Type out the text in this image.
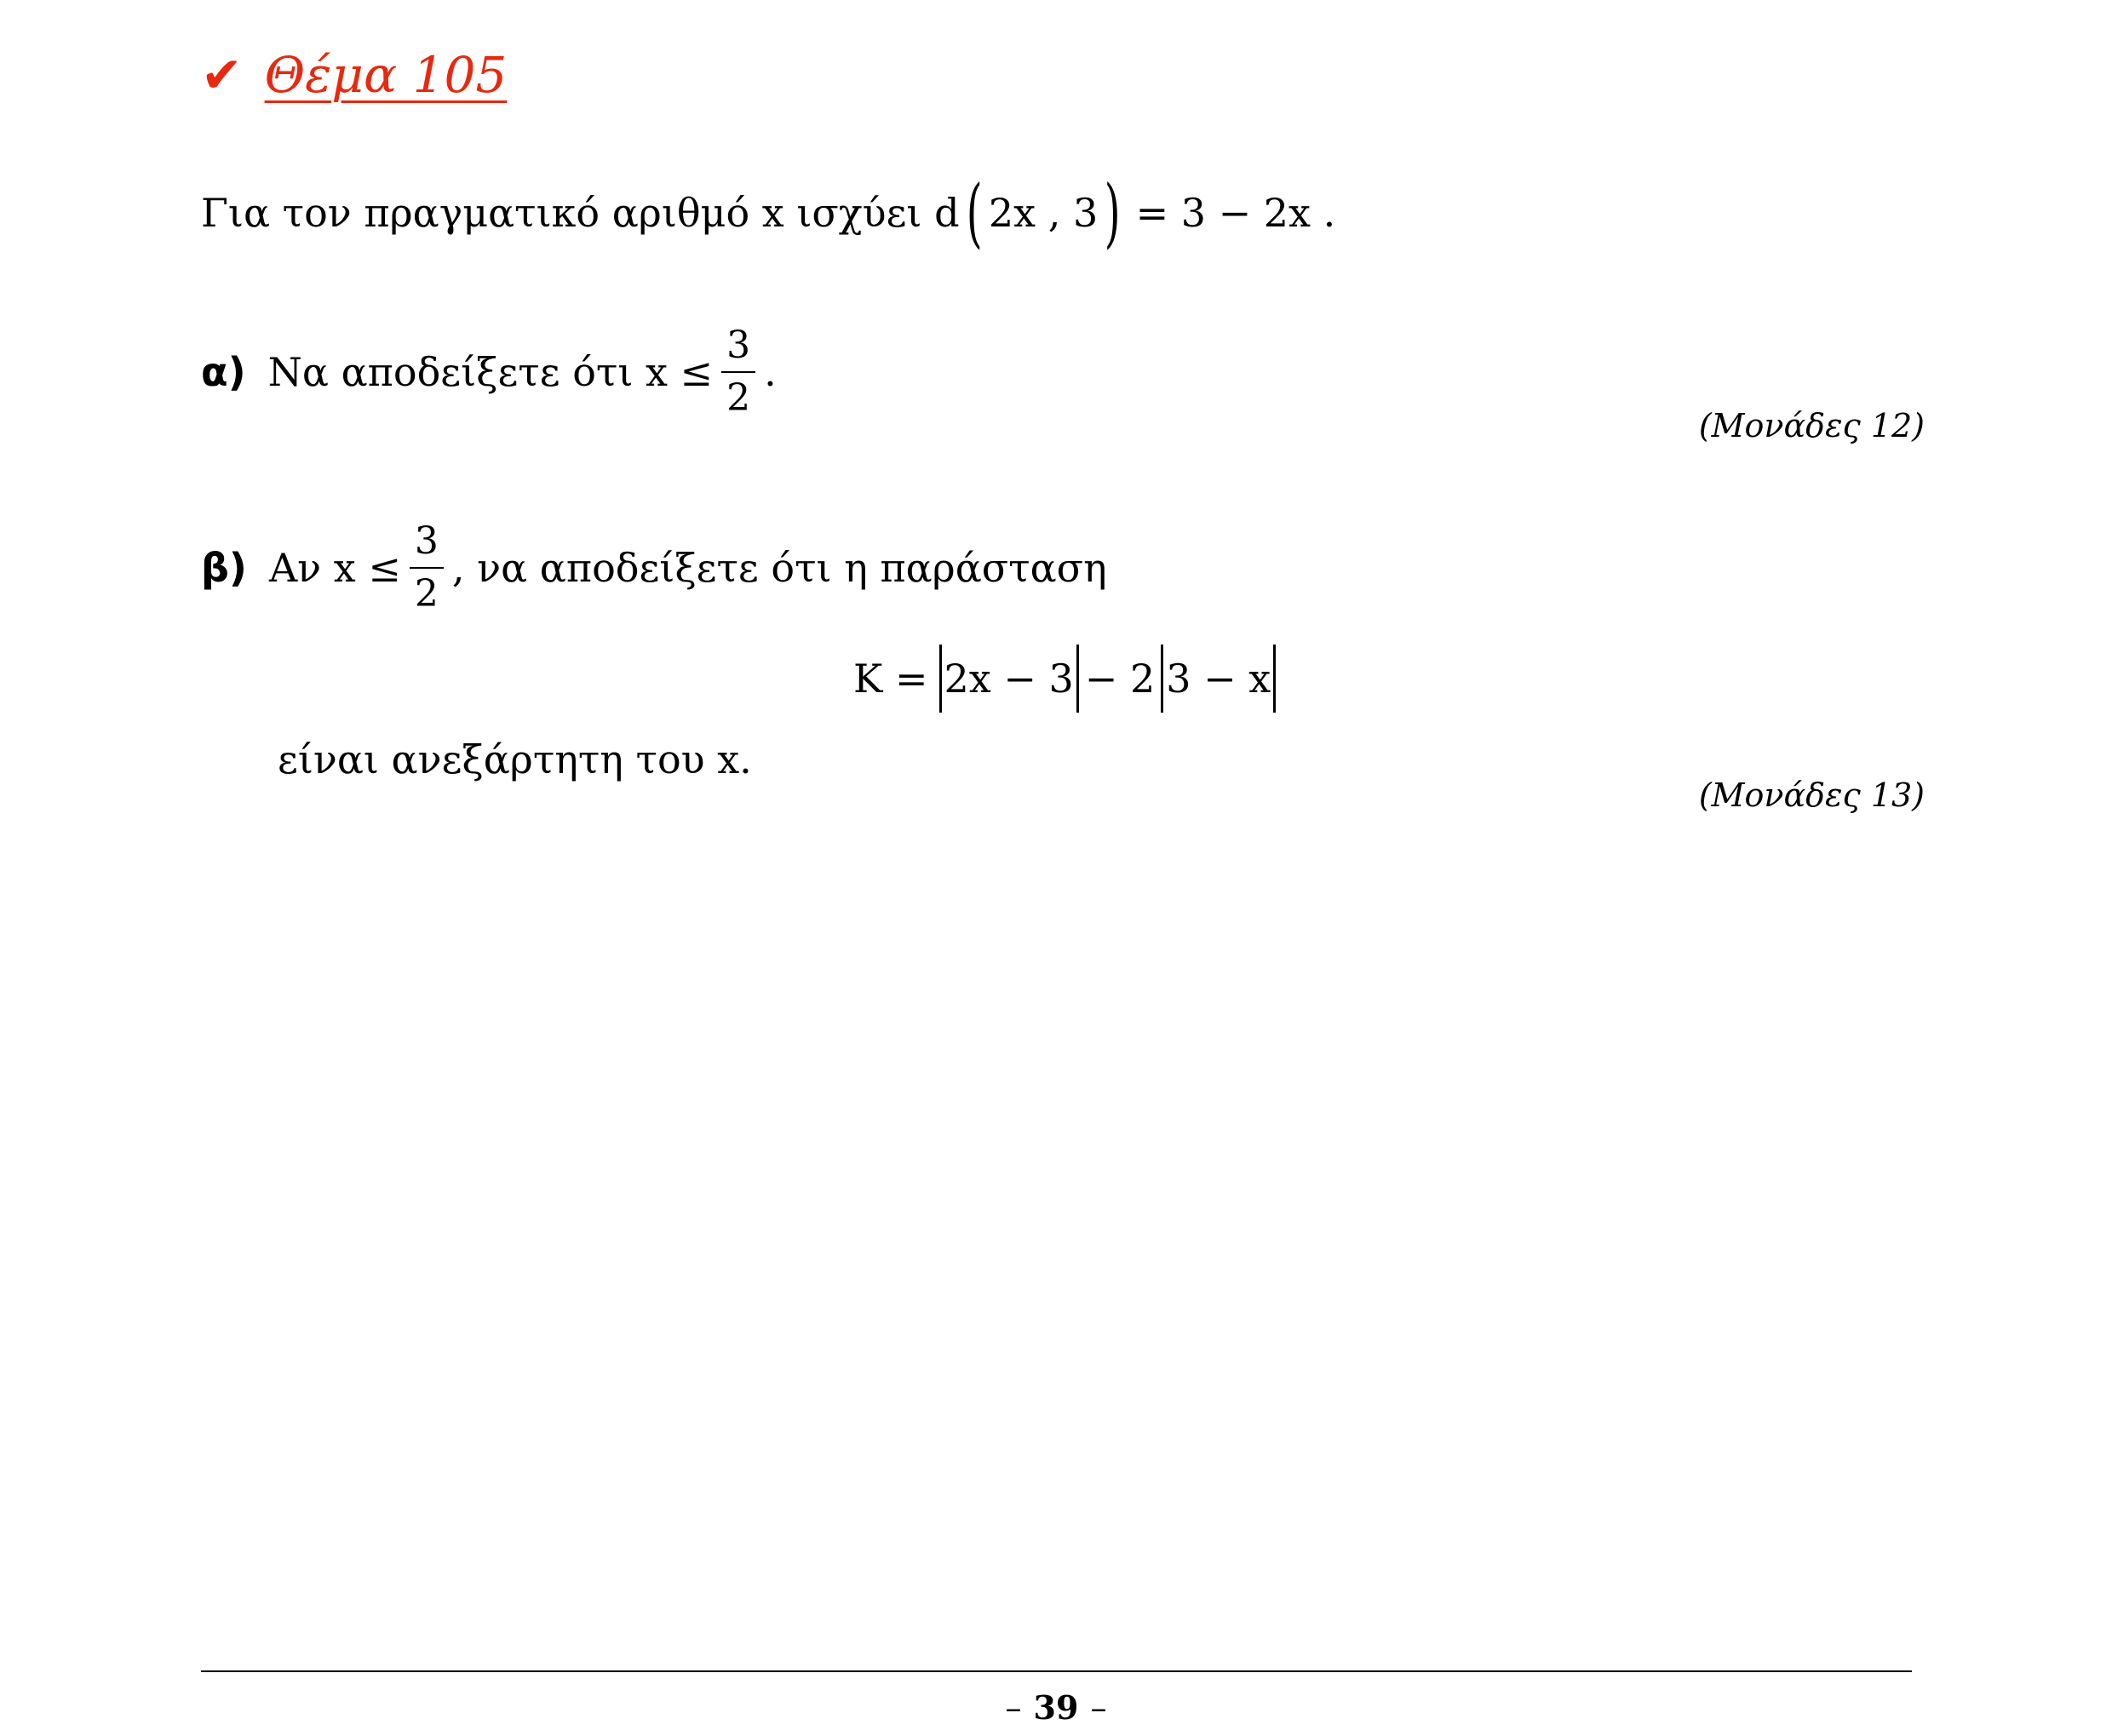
✔ Θέμα 105
Για τον πραγματικό αριθμό x ισχύει d ( 2x , 3 ) = 3 − 2x .
α) Να αποδείξετε ότι $x \le \frac{3}{2}$ .
(Μονάδες 12)
β) Αν $x \le \frac{3}{2}$ , να αποδείξετε ότι η παράσταση
K = 2x − 3 − 2 3 − x
είναι ανεξάρτητη του x.
(Μονάδες 13)
– 39 –
